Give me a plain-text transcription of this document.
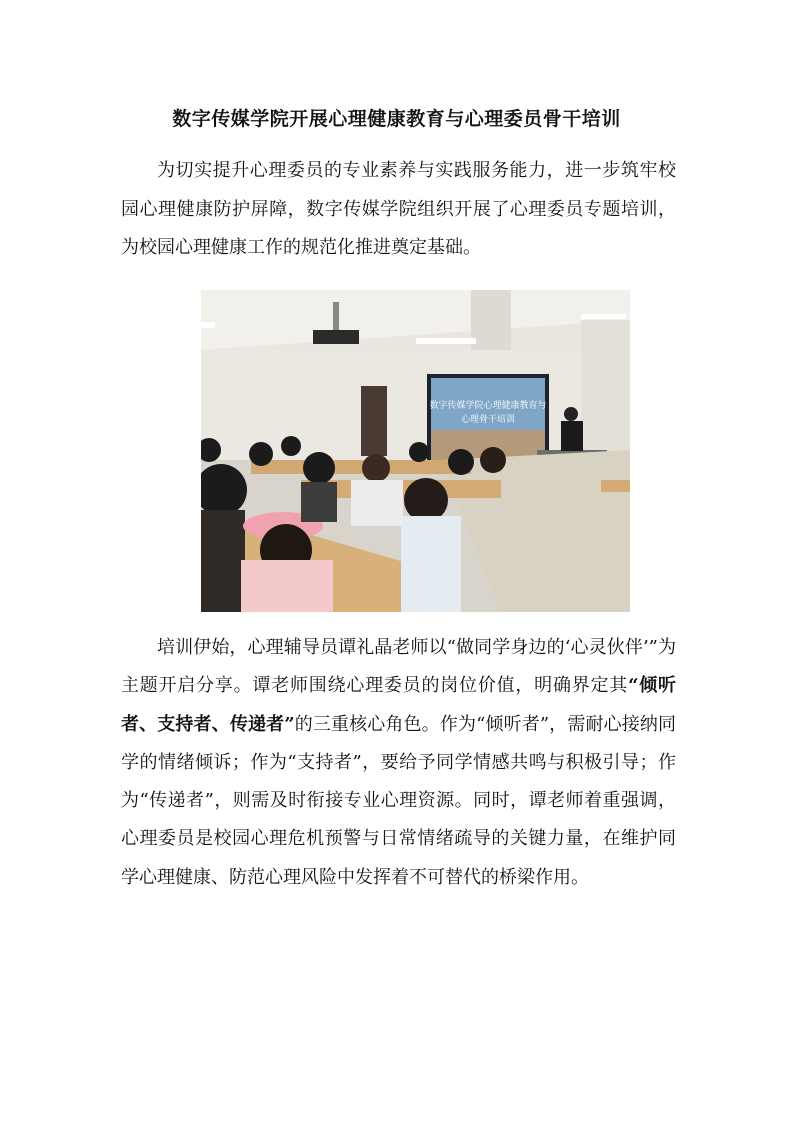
数字传媒学院开展心理健康教育与心理委员骨干培训

为切实提升心理委员的专业素养与实践服务能力，进一步筑牢校园心理健康防护屏障，数字传媒学院组织开展了心理委员专题培训，为校园心理健康工作的规范化推进奠定基础。

数字传媒学院心理健康教育与
心理骨干培训

培训伊始，心理辅导员谭礼晶老师以“做同学身边的‘心灵伙伴’”为主题开启分享。谭老师围绕心理委员的岗位价值，明确界定其“倾听者、支持者、传递者”的三重核心角色。作为“倾听者”，需耐心接纳同学的情绪倾诉；作为“支持者”，要给予同学情感共鸣与积极引导；作为“传递者”，则需及时衔接专业心理资源。同时，谭老师着重强调，心理委员是校园心理危机预警与日常情绪疏导的关键力量，在维护同学心理健康、防范心理风险中发挥着不可替代的桥梁作用。
